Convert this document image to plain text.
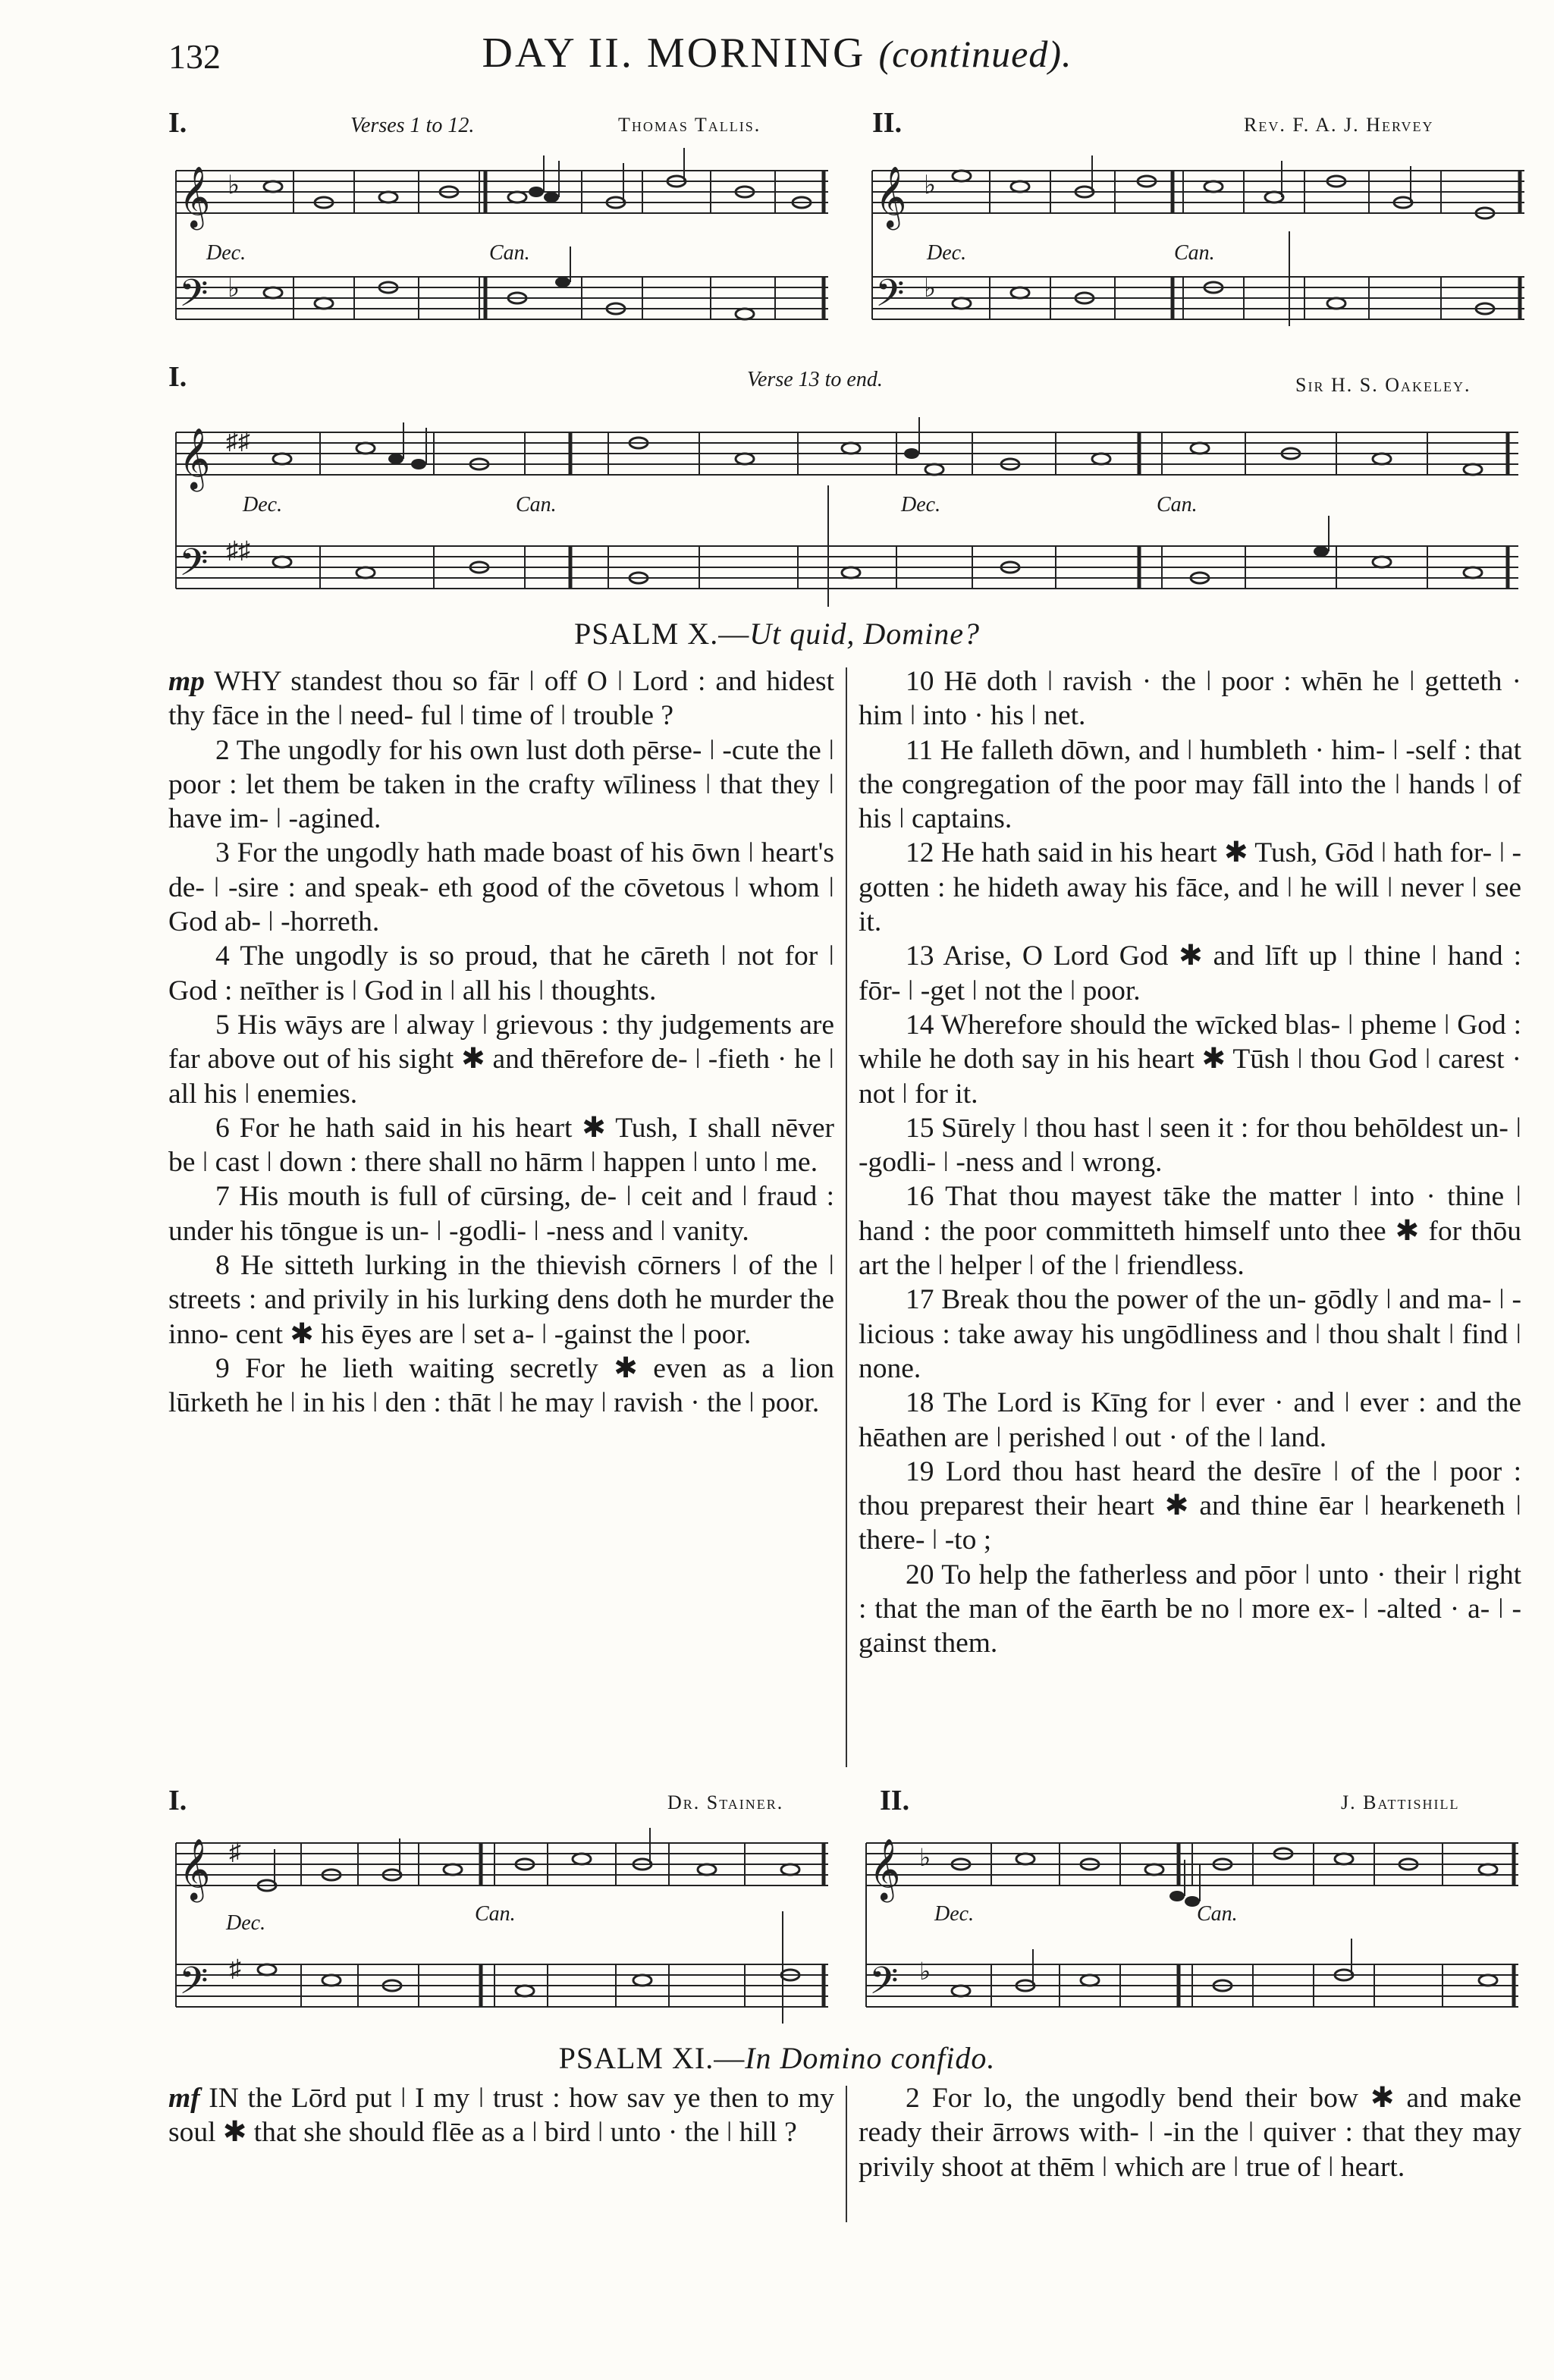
132	DAY II. MORNING (continued).
I.	Verses 1 to 12.	Thomas Tallis.	II.	Rev. F. A. J. Hervey
𝄞
𝄢
♭
♭
Dec.	Can.
𝄞
𝄢
♭
♭
Dec.	Can.
I.	Verse 13 to end.	Sir H. S. Oakeley.
𝄞
𝄢
♯♯
♯♯
Dec.	Can.	Dec.	Can.
PSALM X.—Ut quid, Domine?

mp WHY standest thou so fār ǀ off O ǀ Lord : and hidest thy fāce in the ǀ need- ful ǀ time of ǀ trouble ?

2 The ungodly for his own lust doth pērse- ǀ -cute the ǀ poor : let them be taken in the crafty wīliness ǀ that they ǀ have im- ǀ -agined.

3 For the ungodly hath made boast of his ōwn ǀ heart's de- ǀ -sire : and speak- eth good of the cōvetous ǀ whom ǀ God ab- ǀ -horreth.

4 The ungodly is so proud, that he cāreth ǀ not for ǀ God : neīther is ǀ God in ǀ all his ǀ thoughts.

5 His wāys are ǀ alway ǀ grievous : thy judgements are far above out of his sight ✱ and thērefore de- ǀ -fieth · he ǀ all his ǀ enemies.

6 For he hath said in his heart ✱ Tush, I shall nēver be ǀ cast ǀ down : there shall no hārm ǀ happen ǀ unto ǀ me.

7 His mouth is full of cūrsing, de- ǀ ceit and ǀ fraud : under his tōngue is un- ǀ -godli- ǀ -ness and ǀ vanity.

8 He sitteth lurking in the thievish cōrners ǀ of the ǀ streets : and privily in his lurking dens doth he murder the inno- cent ✱ his ēyes are ǀ set a- ǀ -gainst the ǀ poor.

9 For he lieth waiting secretly ✱ even as a lion lūrketh he ǀ in his ǀ den : thāt ǀ he may ǀ ravish · the ǀ poor.

10 Hē doth ǀ ravish · the ǀ poor : whēn he ǀ getteth · him ǀ into · his ǀ net.

11 He falleth dōwn, and ǀ humbleth · him- ǀ -self : that the congregation of the poor may fāll into the ǀ hands ǀ of his ǀ captains.

12 He hath said in his heart ✱ Tush, Gōd ǀ hath for- ǀ -gotten : he hideth away his fāce, and ǀ he will ǀ never ǀ see it.

13 Arise, O Lord God ✱ and līft up ǀ thine ǀ hand : fōr- ǀ -get ǀ not the ǀ poor.

14 Wherefore should the wīcked blas- ǀ pheme ǀ God : while he doth say in his heart ✱ Tūsh ǀ thou God ǀ carest · not ǀ for it.

15 Sūrely ǀ thou hast ǀ seen it : for thou behōldest un- ǀ -godli- ǀ -ness and ǀ wrong.

16 That thou mayest tāke the matter ǀ into · thine ǀ hand : the poor committeth himself unto thee ✱ for thōu art the ǀ helper ǀ of the ǀ friendless.

17 Break thou the power of the un- gōdly ǀ and ma- ǀ -licious : take away his ungōdliness and ǀ thou shalt ǀ find ǀ none.

18 The Lord is Kīng for ǀ ever · and ǀ ever : and the hēathen are ǀ perished ǀ out · of the ǀ land.

19 Lord thou hast heard the desīre ǀ of the ǀ poor : thou preparest their heart ✱ and thine ēar ǀ hearkeneth ǀ there- ǀ -to ;

20 To help the fatherless and pōor ǀ unto · their ǀ right : that the man of the ēarth be no ǀ more ex- ǀ -alted · a- ǀ -gainst them.

I.	Dr. Stainer.	II.	J. Battishill
𝄞
𝄢
♯
♯
Dec.	Can.
𝄞
𝄢
♭
♭
Dec.	Can.
PSALM XI.—In Domino confido.

mf IN the Lōrd put ǀ I my ǀ trust : how sav ye then to my soul ✱ that she should flēe as a ǀ bird ǀ unto · the ǀ hill ?

2 For lo, the ungodly bend their bow ✱ and make ready their ārrows with- ǀ -in the ǀ quiver : that they may privily shoot at thēm ǀ which are ǀ true of ǀ heart.
